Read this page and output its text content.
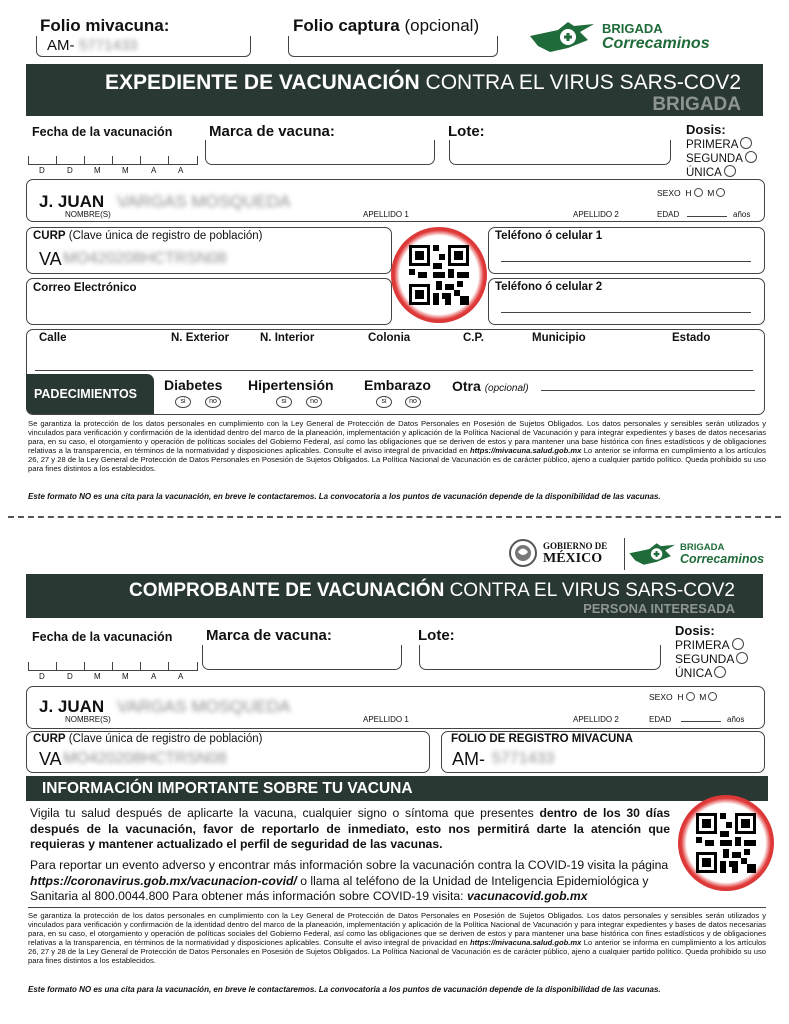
Folio mivacuna:
AM- 5771433
Folio captura (opcional)	BRIGADA
Correcaminos
EXPEDIENTE DE VACUNACIÓN CONTRA EL VIRUS SARS-COV2
BRIGADA
Fecha de la vacunación
D	D	M	M	A	A
Marca de vacuna:	Lote:	Dosis:
PRIMERA
SEGUNDA
ÚNICA
J. JUAN VARGAS MOSQUEDA	SEXO H M
NOMBRE(S)	APELLIDO 1	APELLIDO 2	EDAD	años
CURP (Clave única de registro de población)
VA MO420208HCTRSN08
Correo Electrónico
Teléfono ó celular 1
Teléfono ó celular 2
Calle	N. Exterior	N. Interior	Colonia	C.P.	Municipio	Estado
PADECIMIENTOS
Diabetes
si	no
Hipertensión
si	no
Embarazo
si	no
Otra (opcional)
Se garantiza la protección de los datos personales en cumplimiento con la Ley General de Protección de Datos Personales en Posesión de Sujetos Obligados. Los datos personales y sensibles serán utilizados y vinculados para verificación y confirmación de la identidad dentro del marco de la planeación, implementación y aplicación de la Política Nacional de Vacunación y para integrar expedientes y bases de datos necesarias para, en su caso, el otorgamiento y operación de políticas sociales del Gobierno Federal, así como las obligaciones que se deriven de estos y para mantener una base histórica con fines estadísticos y de obligaciones relativas a la transparencia, en términos de la normatividad y disposiciones aplicables. Consulte el aviso integral de privacidad en https://mivacuna.salud.gob.mx Lo anterior se informa en cumplimiento a los artículos 26, 27 y 28 de la Ley General de Protección de Datos Personales en Posesión de Sujetos Obligados. La Política Nacional de Vacunación es de carácter público, ajeno a cualquier partido político. Queda prohibido su uso para fines distintos a los establecidos.
Este formato NO es una cita para la vacunación, en breve le contactaremos. La convocatoria a los puntos de vacunación depende de la disponibilidad de las vacunas.
GOBIERNO DE
MÉXICO
BRIGADA
Correcaminos
COMPROBANTE DE VACUNACIÓN CONTRA EL VIRUS SARS-COV2
PERSONA INTERESADA
Fecha de la vacunación
D	D	M	M	A	A
Marca de vacuna:	Lote:	Dosis:
PRIMERA
SEGUNDA
ÚNICA
J. JUAN VARGAS MOSQUEDA	SEXO H M
NOMBRE(S)	APELLIDO 1	APELLIDO 2	EDAD	años
CURP (Clave única de registro de población)
VA MO420208HCTRSN08
FOLIO DE REGISTRO MIVACUNA
AM- 5771433
INFORMACIÓN IMPORTANTE SOBRE TU VACUNA
Vigila tu salud después de aplicarte la vacuna, cualquier signo o síntoma que presentes dentro de los 30 días después de la vacunación, favor de reportarlo de inmediato, esto nos permitirá darte la atención que requieras y mantener actualizado el perfil de seguridad de las vacunas.
Para reportar un evento adverso y encontrar más información sobre la vacunación contra la COVID-19 visita la página https://coronavirus.gob.mx/vacunacion-covid/ o llama al teléfono de la Unidad de Inteligencia Epidemiológica y Sanitaria al 800.0044.800 Para obtener más información sobre COVID-19 visita: vacunacovid.gob.mx
Se garantiza la protección de los datos personales en cumplimiento con la Ley General de Protección de Datos Personales en Posesión de Sujetos Obligados. Los datos personales y sensibles serán utilizados y vinculados para verificación y confirmación de la identidad dentro del marco de la planeación, implementación y aplicación de la Política Nacional de Vacunación y para integrar expedientes y bases de datos necesarias para, en su caso, el otorgamiento y operación de políticas sociales del Gobierno Federal, así como las obligaciones que se deriven de estos y para mantener una base histórica con fines estadísticos y de obligaciones relativas a la transparencia, en términos de la normatividad y disposiciones aplicables. Consulte el aviso integral de privacidad en https://mivacuna.salud.gob.mx Lo anterior se informa en cumplimiento a los artículos 26, 27 y 28 de la Ley General de Protección de Datos Personales en Posesión de Sujetos Obligados. La Política Nacional de Vacunación es de carácter público, ajeno a cualquier partido político. Queda prohibido su uso para fines distintos a los establecidos.
Este formato NO es una cita para la vacunación, en breve le contactaremos. La convocatoria a los puntos de vacunación depende de la disponibilidad de las vacunas.
